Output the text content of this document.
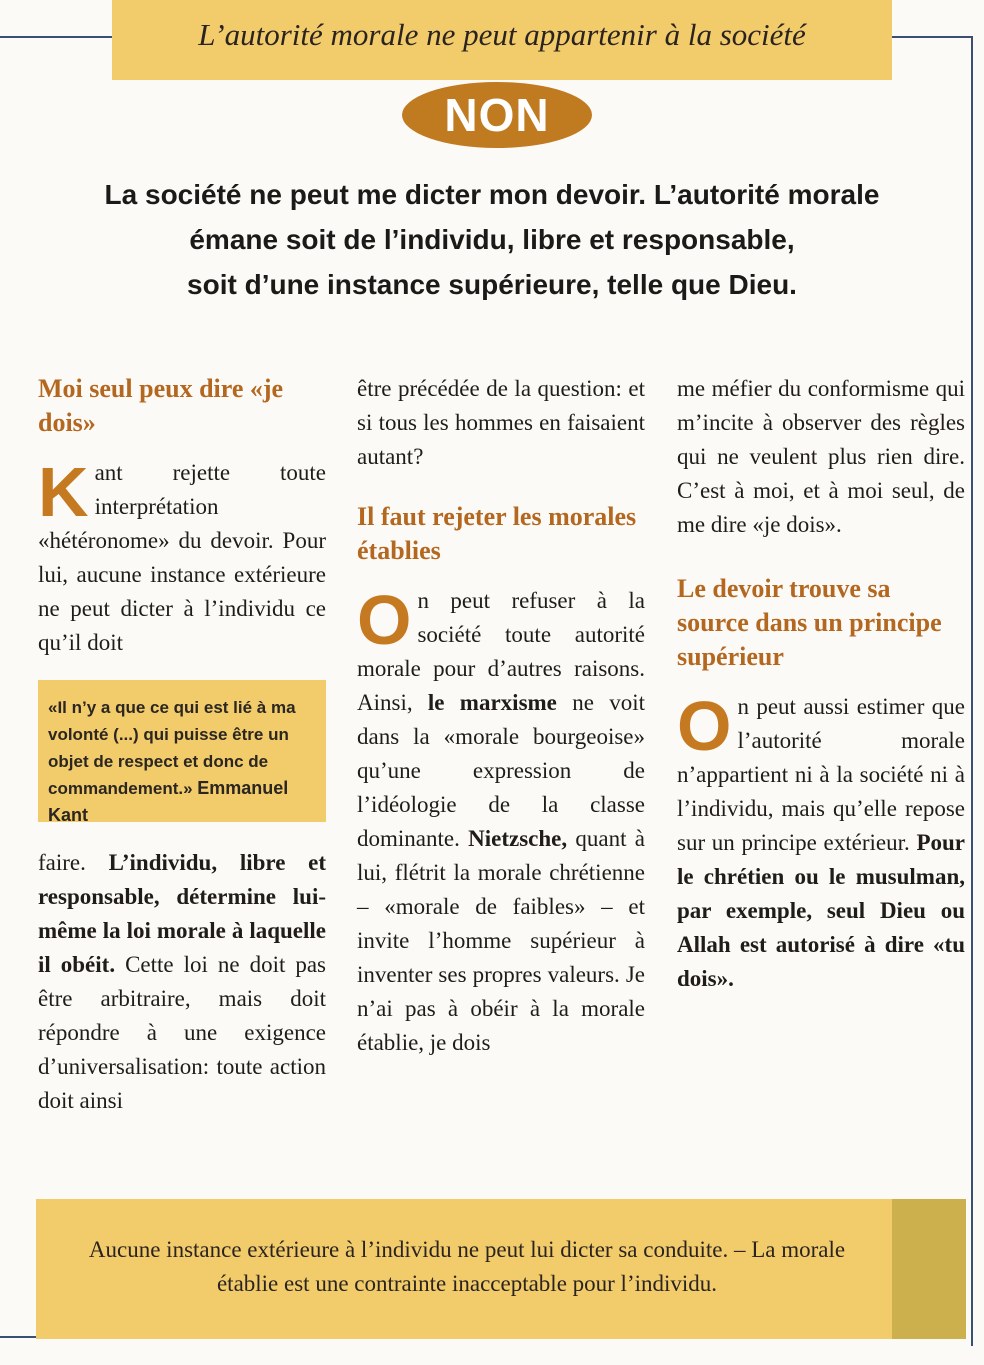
L’autorité morale ne peut appartenir à la société
NON
La société ne peut me dicter mon devoir. L’autorité morale
émane soit de l’individu, libre et responsable,
soit d’une instance supérieure, telle que Dieu.
Moi seul peux dire «je dois»

Kant rejette toute interprétation «hétéronome» du devoir. Pour lui, aucune instance extérieure ne peut dicter à l’individu ce qu’il doit

«Il n’y a que ce qui est lié à ma volonté (...) qui puisse être un objet de respect et donc de commandement.» Emmanuel Kant

faire. L’individu, libre et responsable, détermine lui-même la loi morale à laquelle il obéit. Cette loi ne doit pas être arbitraire, mais doit répondre à une exigence d’universalisation: toute action doit ainsi

être précédée de la question: et si tous les hommes en faisaient autant?

Il faut rejeter les morales établies

On peut refuser à la société toute autorité morale pour d’autres raisons. Ainsi, le marxisme ne voit dans la «morale bourgeoise» qu’une expression de l’idéologie de la classe dominante. Nietzsche, quant à lui, flétrit la morale chrétienne – «morale de faibles» – et invite l’homme supérieur à inventer ses propres valeurs. Je n’ai pas à obéir à la morale établie, je dois

me méfier du conformisme qui m’incite à observer des règles qui ne veulent plus rien dire. C’est à moi, et à moi seul, de me dire «je dois».

Le devoir trouve sa source dans un principe supérieur

On peut aussi estimer que l’autorité morale n’appartient ni à la société ni à l’individu, mais qu’elle repose sur un principe extérieur. Pour le chrétien ou le musulman, par exemple, seul Dieu ou Allah est autorisé à dire «tu dois».

Aucune instance extérieure à l’individu ne peut lui dicter sa conduite. – La morale établie est une contrainte inacceptable pour l’individu.
